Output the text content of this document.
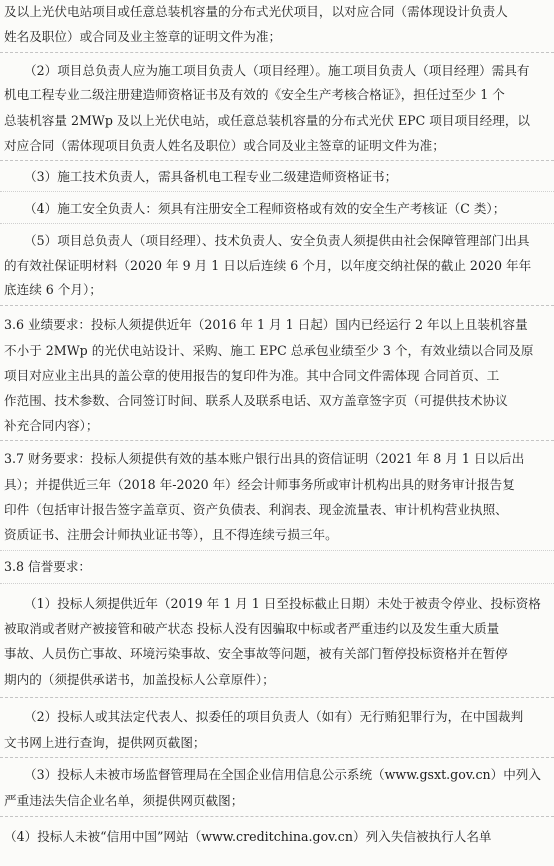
及以上光伏电站项目或任意总装机容量的分布式光伏项目，以对应合同（需体现设计负责人
姓名及职位）或合同及业主签章的证明文件为准；
（2）项目总负责人应为施工项目负责人（项目经理）。施工项目负责人（项目经理）需具有
机电工程专业二级注册建造师资格证书及有效的《安全生产考核合格证》，担任过至少 1 个
总装机容量 2MWp 及以上光伏电站，或任意总装机容量的分布式光伏 EPC 项目项目经理，以
对应合同（需体现项目负责人姓名及职位）或合同及业主签章的证明文件为准；
（3）施工技术负责人，需具备机电工程专业二级建造师资格证书；
（4）施工安全负责人：须具有注册安全工程师资格或有效的安全生产考核证（C 类）；
（5）项目总负责人（项目经理）、技术负责人、安全负责人须提供由社会保障管理部门出具
的有效社保证明材料（2020 年 9 月 1 日以后连续 6 个月，以年度交纳社保的截止 2020 年年
底连续 6 个月）；
3.6 业绩要求：投标人须提供近年（2016 年 1 月 1 日起）国内已经运行 2 年以上且装机容量
不小于 2MWp 的光伏电站设计、采购、施工 EPC 总承包业绩至少 3 个，有效业绩以合同及原
项目对应业主出具的盖公章的使用报告的复印件为准。其中合同文件需体现 合同首页、工
作范围、技术参数、合同签订时间、联系人及联系电话、双方盖章签字页（可提供技术协议
补充合同内容）；
3.7 财务要求：投标人须提供有效的基本账户银行出具的资信证明（2021 年 8 月 1 日以后出
具）；并提供近三年（2018 年-2020 年）经会计师事务所或审计机构出具的财务审计报告复
印件（包括审计报告签字盖章页、资产负债表、利润表、现金流量表、审计机构营业执照、
资质证书、注册会计师执业证书等），且不得连续亏损三年。
3.8 信誉要求：
（1）投标人须提供近年（2019 年 1 月 1 日至投标截止日期）未处于被责令停业、投标资格
被取消或者财产被接管和破产状态 投标人没有因骗取中标或者严重违约以及发生重大质量
事故、人员伤亡事故、环境污染事故、安全事故等问题，被有关部门暂停投标资格并在暂停
期内的（须提供承诺书，加盖投标人公章原件）；
（2）投标人或其法定代表人、拟委任的项目负责人（如有）无行贿犯罪行为，在中国裁判
文书网上进行查询，提供网页截图；
（3）投标人未被市场监督管理局在全国企业信用信息公示系统（www.gsxt.gov.cn）中列入
严重违法失信企业名单，须提供网页截图；
（4）投标人未被“信用中国”网站（www.creditchina.gov.cn）列入失信被执行人名单
